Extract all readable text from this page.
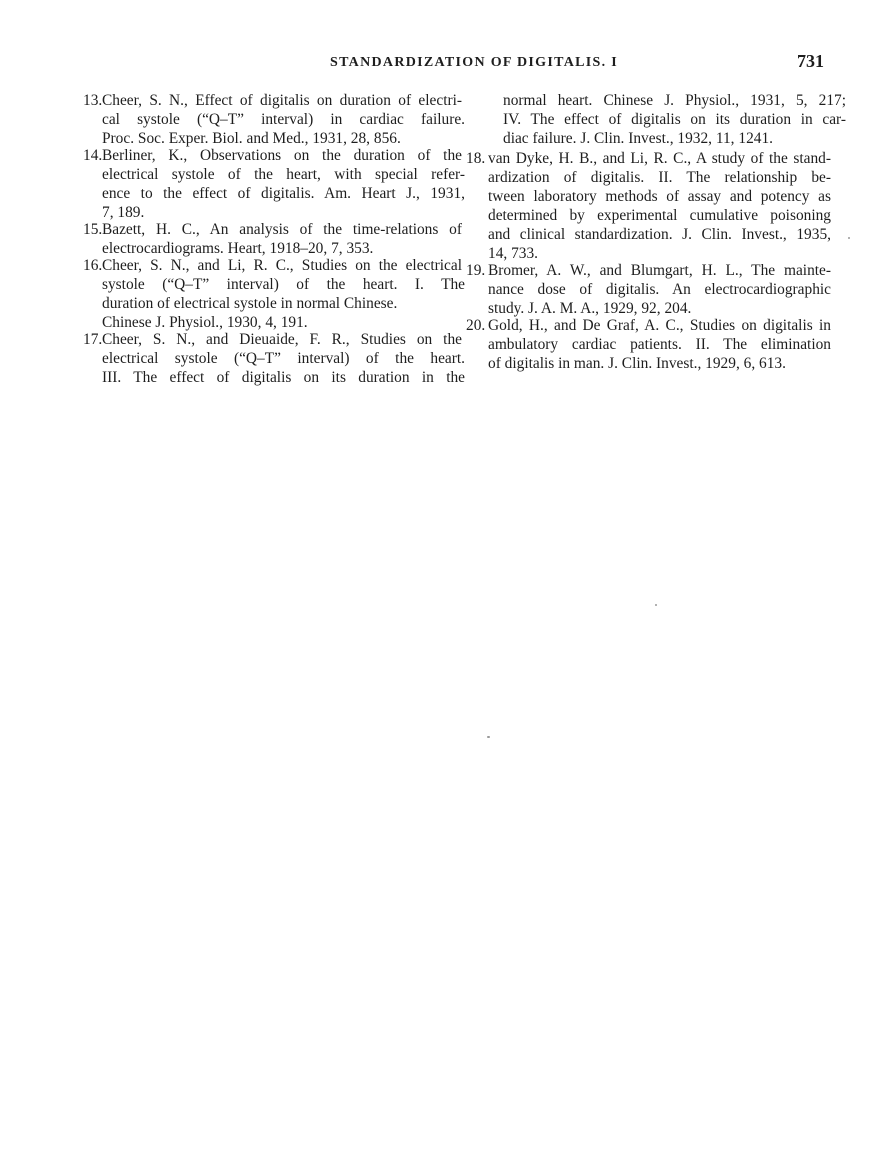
STANDARDIZATION OF DIGITALIS. I	731
13. Cheer, S. N., Effect of digitalis on duration of electri-
cal systole (“Q–T” interval) in cardiac failure.
Proc. Soc. Exper. Biol. and Med., 1931, 28, 856.
14. Berliner, K., Observations on the duration of the
electrical systole of the heart, with special refer-
ence to the effect of digitalis. Am. Heart J., 1931,
7, 189.
15. Bazett, H. C., An analysis of the time-relations of
electrocardiograms. Heart, 1918–20, 7, 353.
16. Cheer, S. N., and Li, R. C., Studies on the electrical
systole (“Q–T” interval) of the heart. I. The
duration of electrical systole in normal Chinese.
Chinese J. Physiol., 1930, 4, 191.
17. Cheer, S. N., and Dieuaide, F. R., Studies on the
electrical systole (“Q–T” interval) of the heart.
III. The effect of digitalis on its duration in the
normal heart. Chinese J. Physiol., 1931, 5, 217;
IV. The effect of digitalis on its duration in car-
diac failure. J. Clin. Invest., 1932, 11, 1241.
18. van Dyke, H. B., and Li, R. C., A study of the stand-
ardization of digitalis. II. The relationship be-
tween laboratory methods of assay and potency as
determined by experimental cumulative poisoning
and clinical standardization. J. Clin. Invest., 1935,
14, 733.
19. Bromer, A. W., and Blumgart, H. L., The mainte-
nance dose of digitalis. An electrocardiographic
study. J. A. M. A., 1929, 92, 204.
20. Gold, H., and De Graf, A. C., Studies on digitalis in
ambulatory cardiac patients. II. The elimination
of digitalis in man. J. Clin. Invest., 1929, 6, 613.
